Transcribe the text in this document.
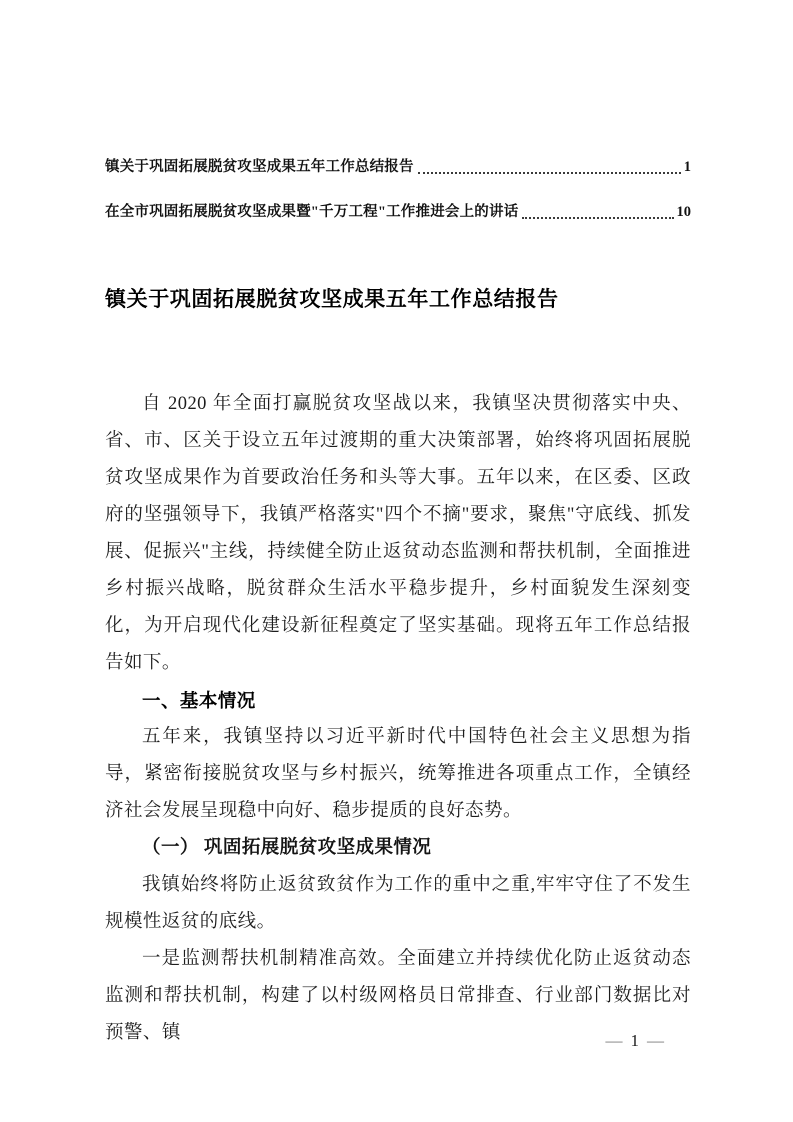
镇关于巩固拓展脱贫攻坚成果五年工作总结报告	1
在全市巩固拓展脱贫攻坚成果暨"千万工程"工作推进会上的讲话	10
镇关于巩固拓展脱贫攻坚成果五年工作总结报告

自 2020 年全面打赢脱贫攻坚战以来，我镇坚决贯彻落实中央、省、市、区关于设立五年过渡期的重大决策部署，始终将巩固拓展脱贫攻坚成果作为首要政治任务和头等大事。五年以来，在区委、区政府的坚强领导下，我镇严格落实"四个不摘"要求，聚焦"守底线、抓发展、促振兴"主线，持续健全防止返贫动态监测和帮扶机制，全面推进乡村振兴战略，脱贫群众生活水平稳步提升，乡村面貌发生深刻变化，为开启现代化建设新征程奠定了坚实基础。现将五年工作总结报告如下。

一、基本情况

五年来，我镇坚持以习近平新时代中国特色社会主义思想为指导，紧密衔接脱贫攻坚与乡村振兴，统筹推进各项重点工作，全镇经济社会发展呈现稳中向好、稳步提质的良好态势。

（一） 巩固拓展脱贫攻坚成果情况

我镇始终将防止返贫致贫作为工作的重中之重,牢牢守住了不发生规模性返贫的底线。

一是监测帮扶机制精准高效。全面建立并持续优化防止返贫动态监测和帮扶机制，构建了以村级网格员日常排查、行业部门数据比对预警、镇	— 1 —
